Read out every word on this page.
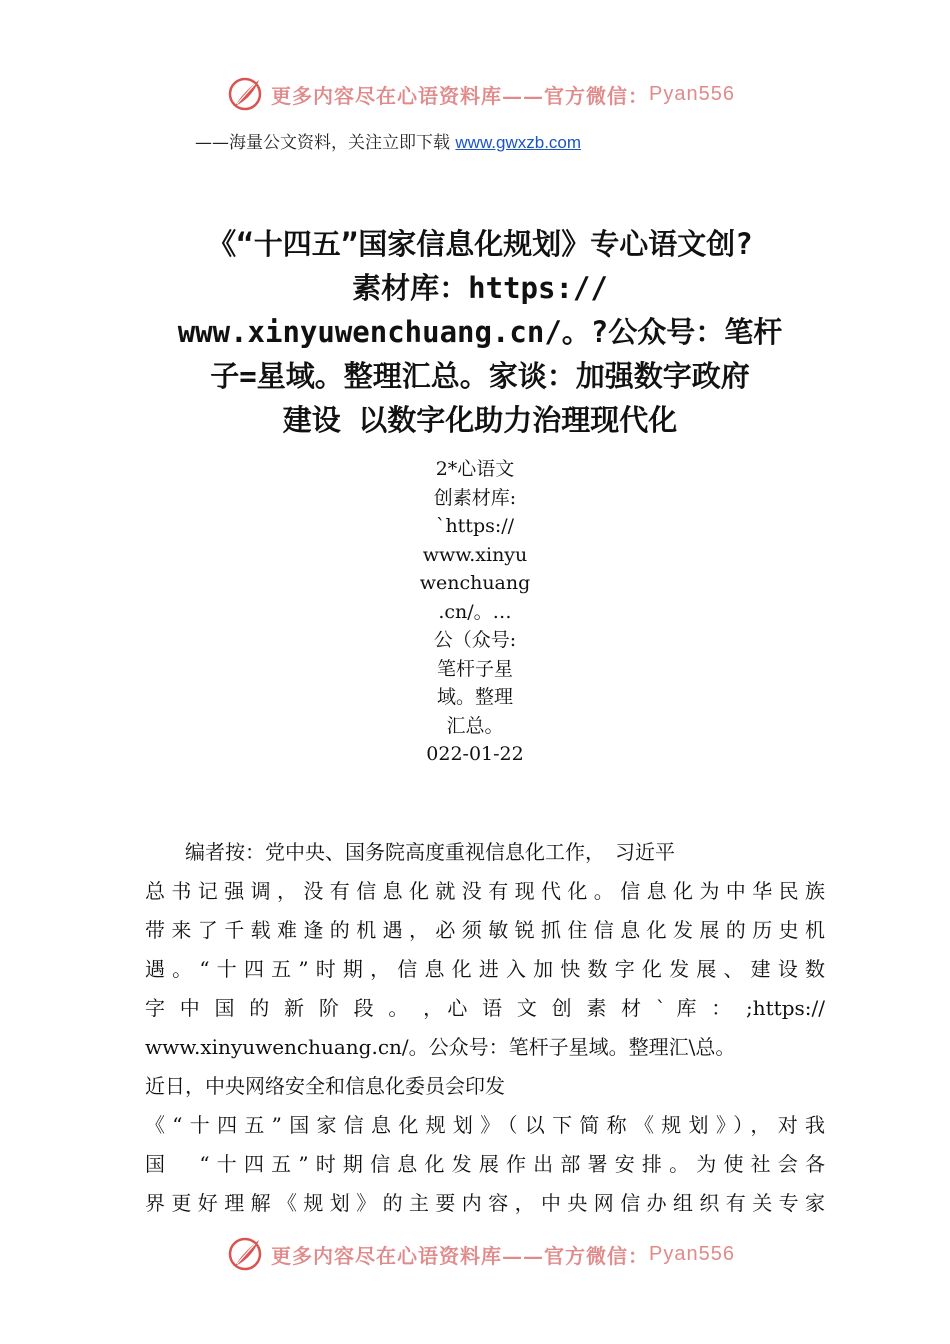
更多内容尽在心语资料库——官方微信： Pyan556
——海量公文资料，关注立即下载 www.gwxzb.com
《“十四五”国家信息化规划》专心语文创?
素材库：https://
www.xinyuwenchuang.cn/。?公众号：笔杆
子=星域。整理汇总。家谈：加强数字政府
建设 以数字化助力治理现代化
2*心语文
创素材库:
`https://
www.xinyu
wenchuang
.cn/。…
公（众号:
笔杆子星
域。整理
汇总。
022-01-22
　　编者按：党中央、国务院高度重视信息化工作，　习近平
总书记强调，没有信息化就没有现代化。信息化为中华民族
带来了千载难逢的机遇，必须敏锐抓住信息化发展的历史机
遇。“十四五”时期，信息化进入加快数字化发展、建设数
字 中 国 的 新 阶 段 。 ，心 语 文 创 素 材 ` 库 ： ;https://
www.xinyuwenchuang.cn/。公众号：笔杆子星域。整理汇\总。
近日，中央网络安全和信息化委员会印发
《“十四五”国家信息化规划》（以下简称《规划》），对我
国　“十四五”时期信息化发展作出部署安排。为使社会各
界更好理解《规划》的主要内容，中央网信办组织有关专家
更多内容尽在心语资料库——官方微信： Pyan556
